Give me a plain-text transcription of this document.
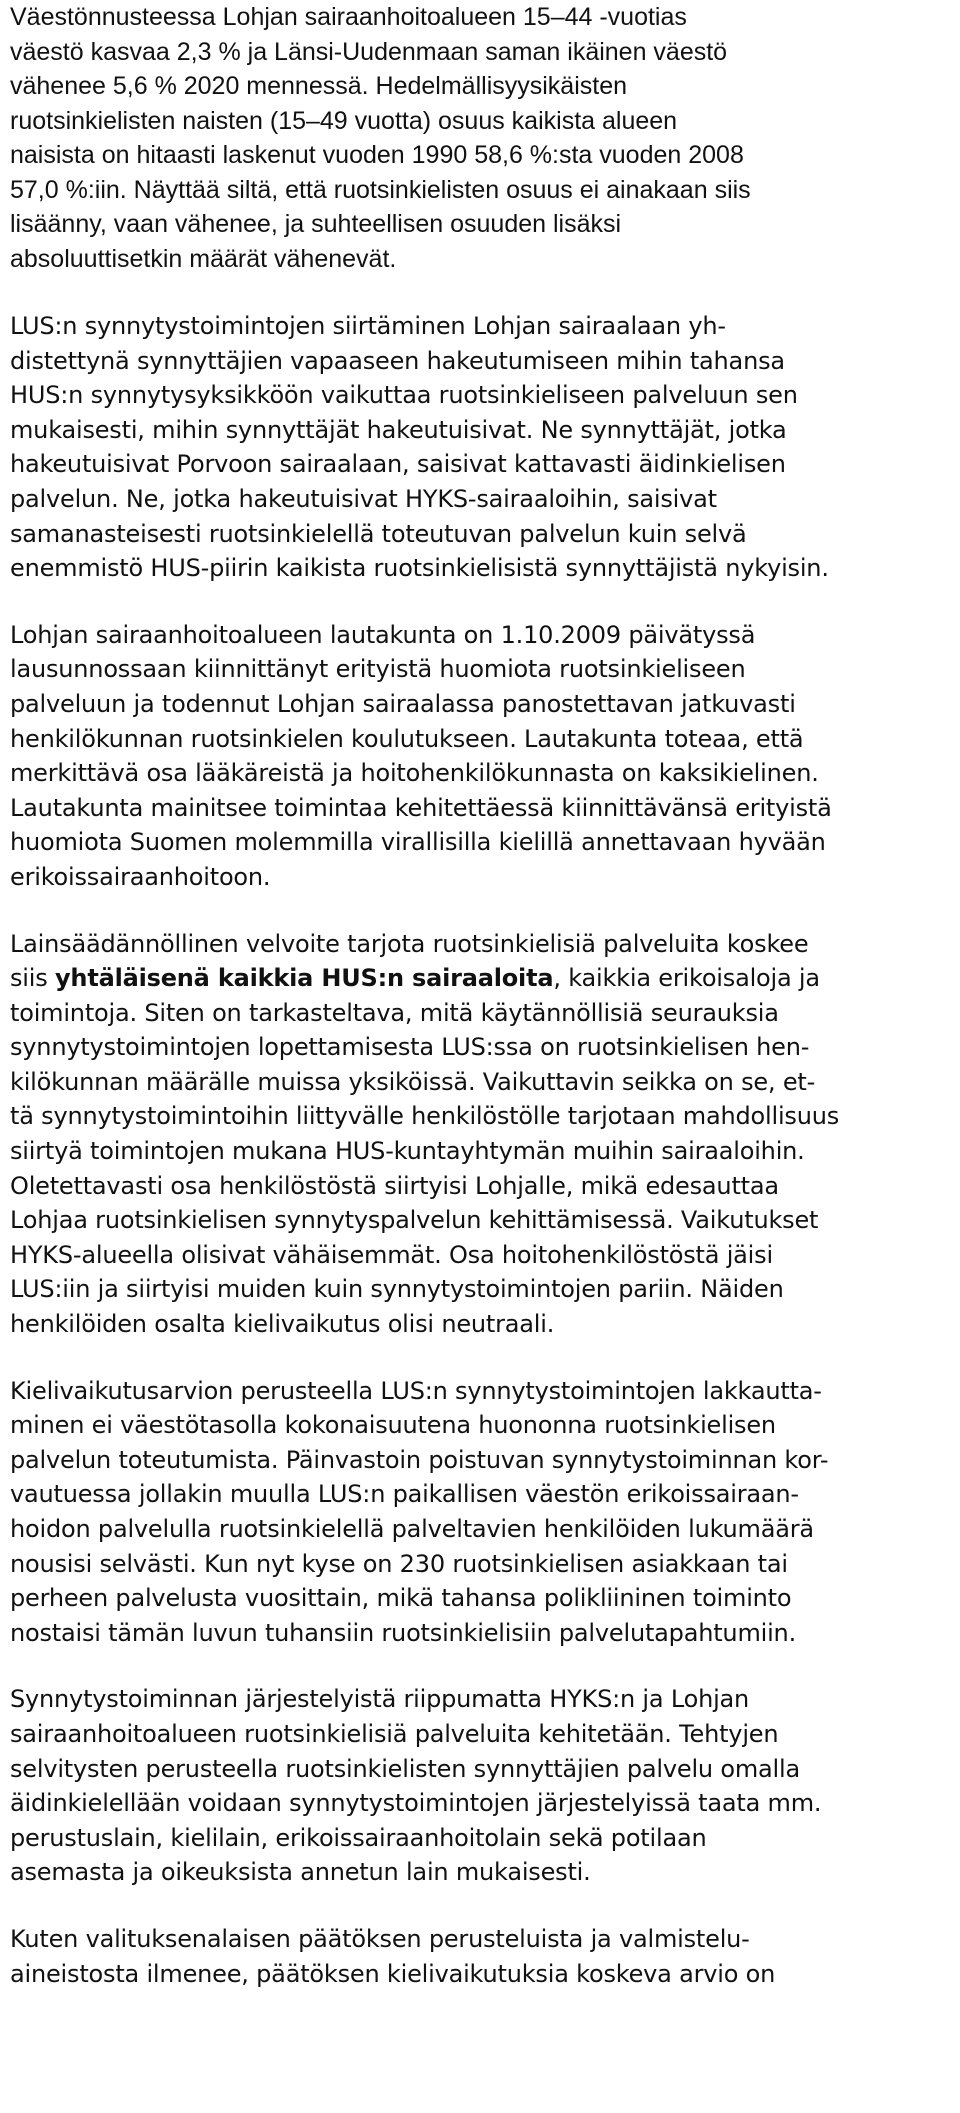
Väestönnusteessa Lohjan sairaanhoitoalueen 15–44 -vuotias
väestö kasvaa 2,3 % ja Länsi-Uudenmaan saman ikäinen väestö
vähenee 5,6 % 2020 mennessä. Hedelmällisyysikäisten
ruotsinkielisten naisten (15–49 vuotta) osuus kaikista alueen
naisista on hitaasti laskenut vuoden 1990 58,6 %:sta vuoden 2008
57,0 %:iin. Näyttää siltä, että ruotsinkielisten osuus ei ainakaan siis
lisäänny, vaan vähenee, ja suhteellisen osuuden lisäksi
absoluuttisetkin määrät vähenevät.

LUS:n synnytystoimintojen siirtäminen Lohjan sairaalaan yh-
distettynä synnyttäjien vapaaseen hakeutumiseen mihin tahansa
HUS:n synnytysyksikköön vaikuttaa ruotsinkieliseen palveluun sen
mukaisesti, mihin synnyttäjät hakeutuisivat. Ne synnyttäjät, jotka
hakeutuisivat Porvoon sairaalaan, saisivat kattavasti äidinkielisen
palvelun. Ne, jotka hakeutuisivat HYKS-sairaaloihin, saisivat
samanasteisesti ruotsinkielellä toteutuvan palvelun kuin selvä
enemmistö HUS-piirin kaikista ruotsinkielisistä synnyttäjistä nykyisin.

Lohjan sairaanhoitoalueen lautakunta on 1.10.2009 päivätyssä
lausunnossaan kiinnittänyt erityistä huomiota ruotsinkieliseen
palveluun ja todennut Lohjan sairaalassa panostettavan jatkuvasti
henkilökunnan ruotsinkielen koulutukseen. Lautakunta toteaa, että
merkittävä osa lääkäreistä ja hoitohenkilökunnasta on kaksikielinen.
Lautakunta mainitsee toimintaa kehitettäessä kiinnittävänsä erityistä
huomiota Suomen molemmilla virallisilla kielillä annettavaan hyvään
erikoissairaanhoitoon.

Lainsäädännöllinen velvoite tarjota ruotsinkielisiä palveluita koskee
siis yhtäläisenä kaikkia HUS:n sairaaloita, kaikkia erikoisaloja ja
toimintoja. Siten on tarkasteltava, mitä käytännöllisiä seurauksia
synnytystoimintojen lopettamisesta LUS:ssa on ruotsinkielisen hen-
kilökunnan määrälle muissa yksiköissä. Vaikuttavin seikka on se, et-
tä synnytystoimintoihin liittyvälle henkilöstölle tarjotaan mahdollisuus
siirtyä toimintojen mukana HUS-kuntayhtymän muihin sairaaloihin.
Oletettavasti osa henkilöstöstä siirtyisi Lohjalle, mikä edesauttaa
Lohjaa ruotsinkielisen synnytyspalvelun kehittämisessä. Vaikutukset
HYKS-alueella olisivat vähäisemmät. Osa hoitohenkilöstöstä jäisi
LUS:iin ja siirtyisi muiden kuin synnytystoimintojen pariin. Näiden
henkilöiden osalta kielivaikutus olisi neutraali.

Kielivaikutusarvion perusteella LUS:n synnytystoimintojen lakkautta-
minen ei väestötasolla kokonaisuutena huononna ruotsinkielisen
palvelun toteutumista. Päinvastoin poistuvan synnytystoiminnan kor-
vautuessa jollakin muulla LUS:n paikallisen väestön erikoissairaan-
hoidon palvelulla ruotsinkielellä palveltavien henkilöiden lukumäärä
nousisi selvästi. Kun nyt kyse on 230 ruotsinkielisen asiakkaan tai
perheen palvelusta vuosittain, mikä tahansa polikliininen toiminto
nostaisi tämän luvun tuhansiin ruotsinkielisiin palvelutapahtumiin.

Synnytystoiminnan järjestelyistä riippumatta HYKS:n ja Lohjan
sairaanhoitoalueen ruotsinkielisiä palveluita kehitetään. Tehtyjen
selvitysten perusteella ruotsinkielisten synnyttäjien palvelu omalla
äidinkielellään voidaan synnytystoimintojen järjestelyissä taata mm.
perustuslain, kielilain, erikoissairaanhoitolain sekä potilaan
asemasta ja oikeuksista annetun lain mukaisesti.

Kuten valituksenalaisen päätöksen perusteluista ja valmistelu-
aineistosta ilmenee, päätöksen kielivaikutuksia koskeva arvio on
